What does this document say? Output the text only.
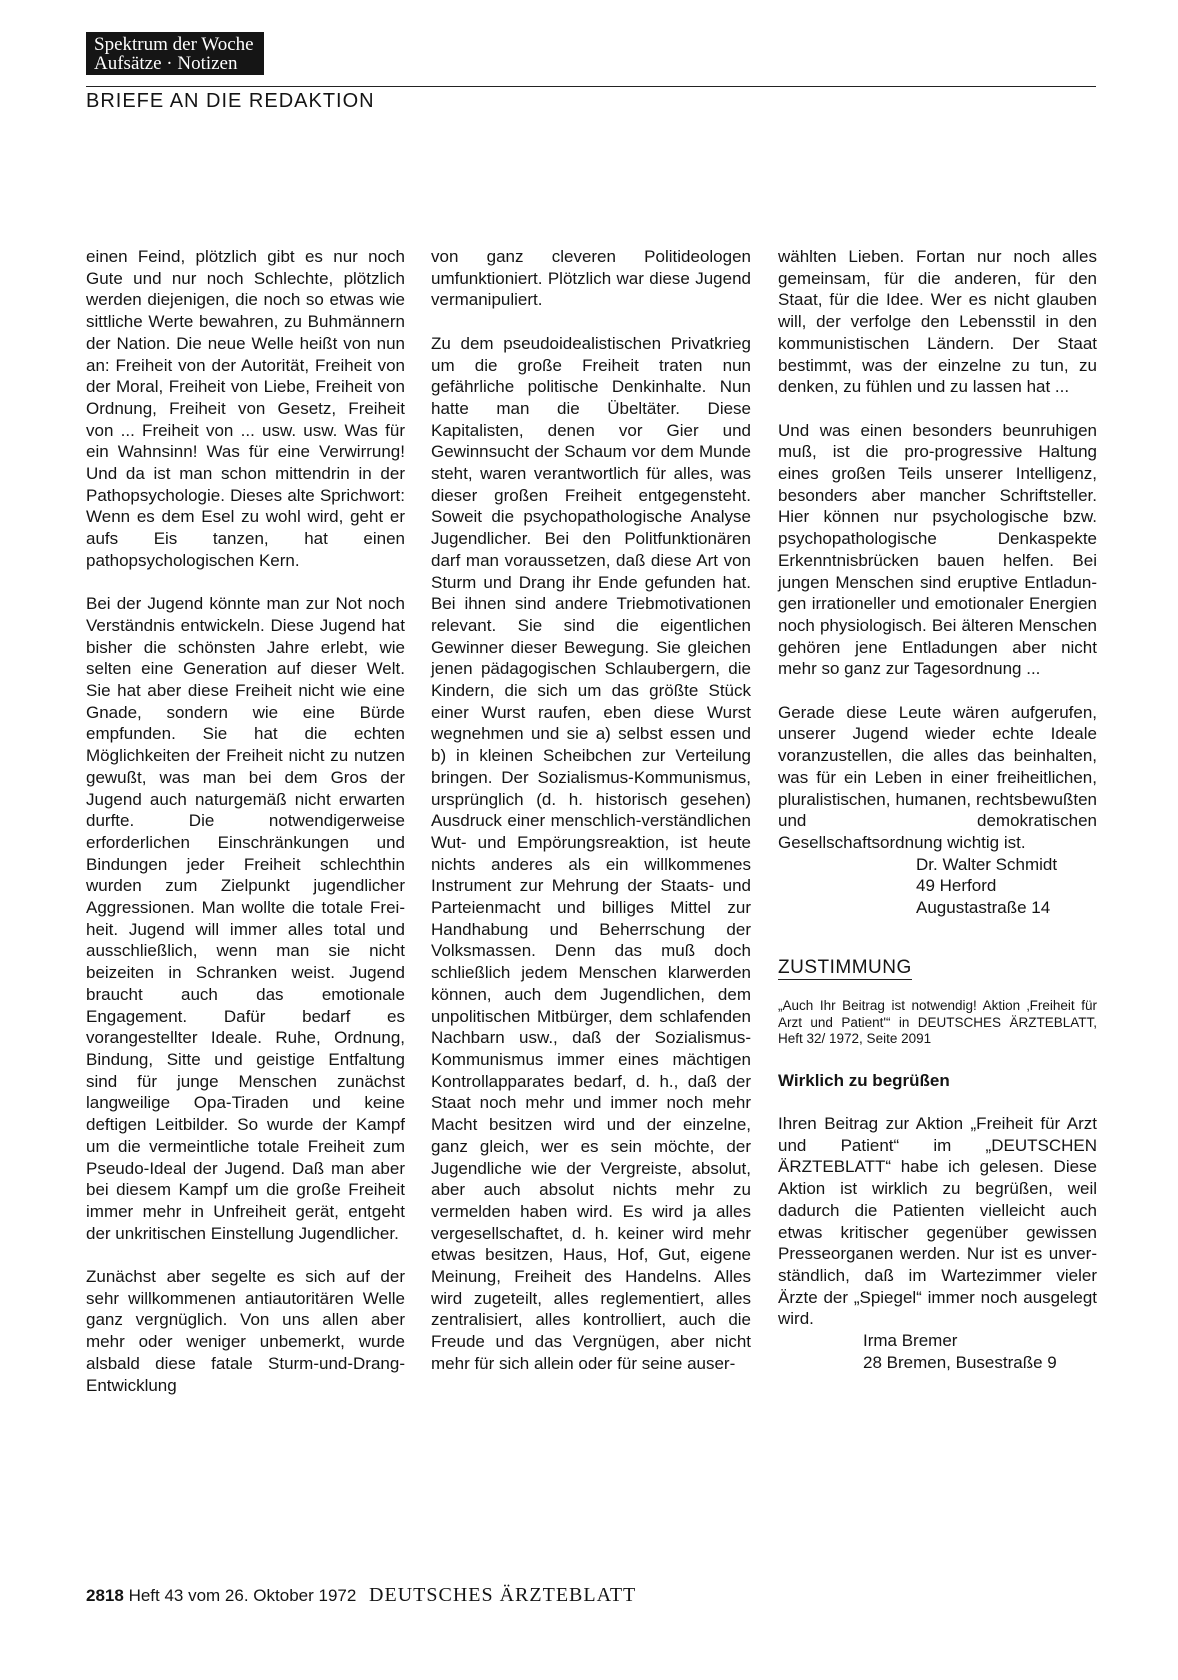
Spektrum der Woche
Aufsätze · Notizen
BRIEFE AN DIE REDAKTION

einen Feind, plötzlich gibt es nur noch Gute und nur noch Schlechte, plötzlich werden diejenigen, die noch so etwas wie sittliche Werte bewahren, zu Buhmännern der Nation. Die neue Welle heißt von nun an: Freiheit von der Autorität, Freiheit von der Moral, Freiheit von Liebe, Freiheit von Ordnung, Freiheit von Gesetz, Freiheit von ... Freiheit von ... usw. usw. Was für ein Wahnsinn! Was für eine Verwirrung! Und da ist man schon mittendrin in der Pathopsychologie. Dieses alte Sprichwort: Wenn es dem Esel zu wohl wird, geht er aufs Eis tanzen, hat einen pathopsychologischen Kern.

Bei der Jugend könnte man zur Not noch Verständnis entwickeln. Diese Jugend hat bisher die schönsten Jahre erlebt, wie selten eine Generation auf dieser Welt. Sie hat aber diese Freiheit nicht wie eine Gnade, sondern wie eine Bürde empfunden. Sie hat die echten Möglichkeiten der Freiheit nicht zu nutzen gewußt, was man bei dem Gros der Jugend auch naturgemäß nicht erwarten durfte. Die notwendigerweise erforderlichen Einschränkungen und Bindungen jeder Freiheit schlechthin wurden zum Zielpunkt jugendlicher Aggressionen. Man wollte die totale Freiheit. Jugend will immer alles total und ausschließlich, wenn man sie nicht beizeiten in Schranken weist. Jugend braucht auch das emotionale Engagement. Dafür bedarf es vorangestellter Ideale. Ruhe, Ordnung, Bindung, Sitte und geistige Entfaltung sind für junge Menschen zunächst langweilige Opa-Tiraden und keine deftigen Leitbilder. So wurde der Kampf um die vermeintliche totale Freiheit zum Pseudo-Ideal der Jugend. Daß man aber bei diesem Kampf um die große Freiheit immer mehr in Unfreiheit gerät, entgeht der unkritischen Einstellung Jugendlicher.

Zunächst aber segelte es sich auf der sehr willkommenen antiautoritären Welle ganz vergnüglich. Von uns allen aber mehr oder weniger unbemerkt, wurde alsbald diese fatale Sturm-und-Drang-Entwicklung

von ganz cleveren Politideologen umfunktioniert. Plötzlich war diese Jugend vermanipuliert.

Zu dem pseudoidealistischen Privatkrieg um die große Freiheit traten nun gefährliche politische Denkinhalte. Nun hatte man die Übeltäter. Diese Kapitalisten, denen vor Gier und Gewinnsucht der Schaum vor dem Munde steht, waren verantwortlich für alles, was dieser großen Freiheit entgegensteht. Soweit die psychopathologische Analyse Jugendlicher. Bei den Politfunktionären darf man voraussetzen, daß diese Art von Sturm und Drang ihr Ende gefunden hat. Bei ihnen sind andere Triebmotivationen relevant. Sie sind die eigentlichen Gewinner dieser Bewegung. Sie gleichen jenen pädagogischen Schlaubergern, die Kindern, die sich um das größte Stück einer Wurst raufen, eben diese Wurst wegnehmen und sie a) selbst essen und b) in kleinen Scheibchen zur Verteilung bringen. Der Sozialismus-Kommunismus, ursprünglich (d. h. historisch gesehen) Ausdruck einer menschlich-verständlichen Wut- und Empörungsreaktion, ist heute nichts anderes als ein willkommenes Instrument zur Mehrung der Staats- und Parteienmacht und billiges Mittel zur Handhabung und Beherrschung der Volksmassen. Denn das muß doch schließlich jedem Menschen klarwerden können, auch dem Jugendlichen, dem unpolitischen Mitbürger, dem schlafenden Nachbarn usw., daß der Sozialismus-Kommunismus immer eines mächtigen Kontrollapparates bedarf, d. h., daß der Staat noch mehr und immer noch mehr Macht besitzen wird und der einzelne, ganz gleich, wer es sein möchte, der Jugendliche wie der Vergreiste, absolut, aber auch absolut nichts mehr zu vermelden haben wird. Es wird ja alles vergesellschaftet, d. h. keiner wird mehr etwas besitzen, Haus, Hof, Gut, eigene Meinung, Freiheit des Handelns. Alles wird zugeteilt, alles reglementiert, alles zentralisiert, alles kontrolliert, auch die Freude und das Vergnügen, aber nicht mehr für sich allein oder für seine auser-

wählten Lieben. Fortan nur noch alles gemeinsam, für die anderen, für den Staat, für die Idee. Wer es nicht glauben will, der verfolge den Lebensstil in den kommunistischen Ländern. Der Staat bestimmt, was der einzelne zu tun, zu denken, zu fühlen und zu lassen hat ...

Und was einen besonders beunruhigen muß, ist die pro-progressive Haltung eines großen Teils unserer Intelligenz, besonders aber mancher Schriftsteller. Hier können nur psychologische bzw. psychopathologische Denkaspekte Erkenntnisbrücken bauen helfen. Bei jungen Menschen sind eruptive Entladungen irrationeller und emotionaler Energien noch physiologisch. Bei älteren Menschen gehören jene Entladungen aber nicht mehr so ganz zur Tagesordnung ...

Gerade diese Leute wären aufgerufen, unserer Jugend wieder echte Ideale voranzustellen, die alles das beinhalten, was für ein Leben in einer freiheitlichen, pluralistischen, humanen, rechtsbewußten und demokratischen Gesellschaftsordnung wichtig ist.

Dr. Walter Schmidt
49 Herford
Augustastraße 14
ZUSTIMMUNG

„Auch Ihr Beitrag ist notwendig! Aktion ‚Freiheit für Arzt und Patient'“ in DEUTSCHES ÄRZTEBLATT, Heft 32/ 1972, Seite 2091

Wirklich zu begrüßen

Ihren Beitrag zur Aktion „Freiheit für Arzt und Patient“ im „DEUTSCHEN ÄRZTEBLATT“ habe ich gelesen. Diese Aktion ist wirklich zu begrüßen, weil dadurch die Patienten vielleicht auch etwas kritischer gegenüber gewissen Presseorganen werden. Nur ist es unverständlich, daß im Wartezimmer vieler Ärzte der „Spiegel“ immer noch ausgelegt wird.

Irma Bremer
28 Bremen, Busestraße 9
2818 Heft 43 vom 26. Oktober 1972 DEUTSCHES ÄRZTEBLATT
